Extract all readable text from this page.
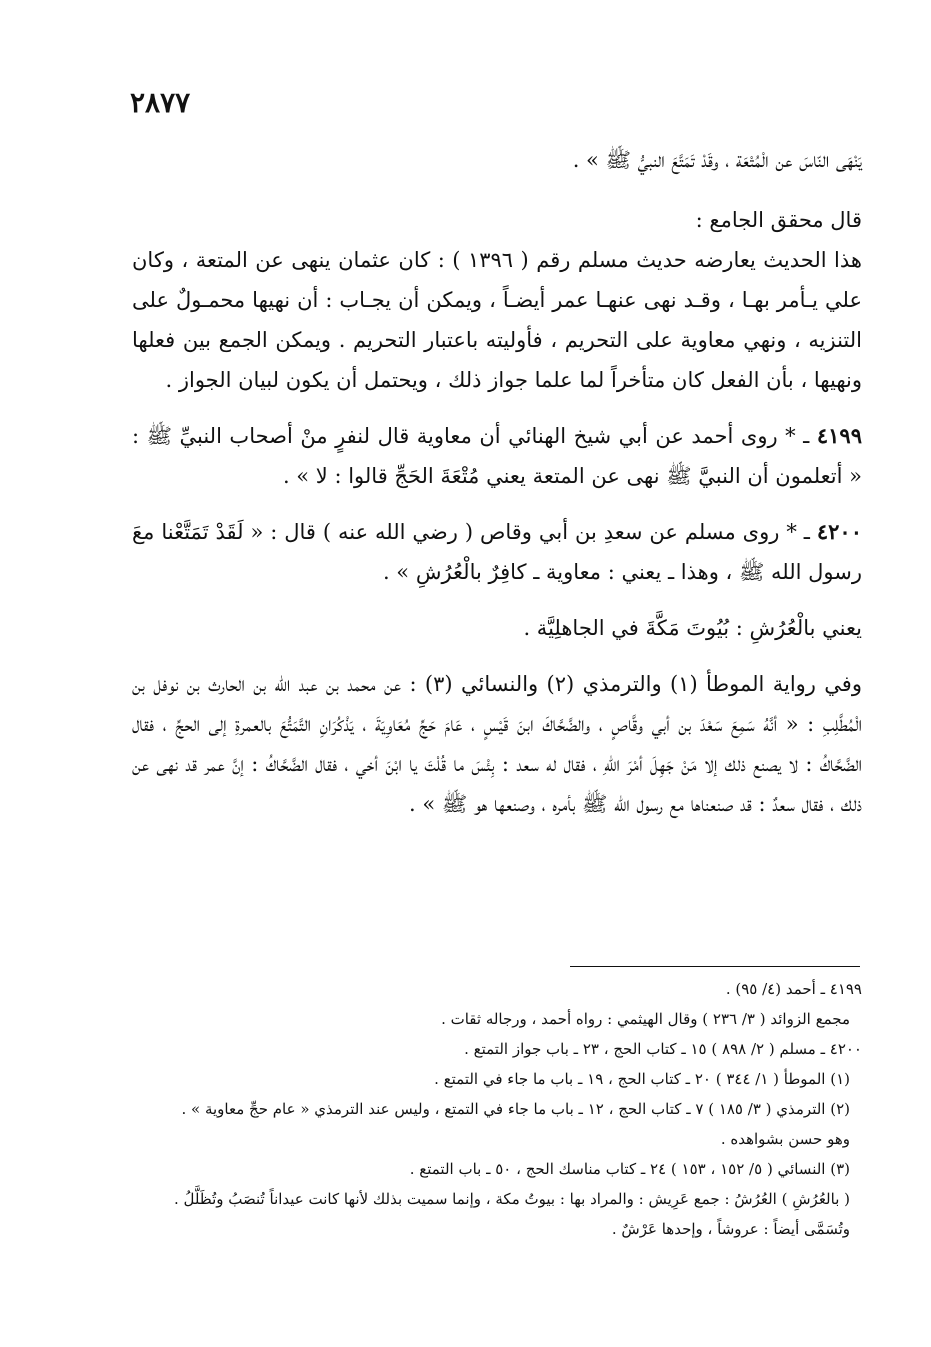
٢٨٧٧

يَنْهَى النّاسَ عن الْمُتْعَة ، وقَدْ تَمَتَّعَ النبيُّ ﷺ » .

قال محقق الجامع :

هذا الحديث يعارضه حديث مسلم رقم ( ١٣٩٦ ) : كان عثمان ينهى عن المتعة ، وكان علي يـأمر بهـا ، وقـد نهى عنهـا عمر أيضـاً ، ويمكن أن يجـاب : أن نهيها محمـولٌ على التنزيه ، ونهي معاوية على التحريم ، فأوليته باعتبار التحريم . ويمكن الجمع بين فعلها ونهيها ، بأن الفعل كان متأخراً لما علما جواز ذلك ، ويحتمل أن يكون لبيان الجواز .

٤١٩٩ ـ * روى أحمد عن أبي شيخ الهنائي أن معاوية قال لنفرٍ منْ أصحاب النبيِّ ﷺ : « أتعلمون أن النبيَّ ﷺ نهى عن المتعة يعني مُتْعَةَ الحَجِّ قالوا : لا » .

٤٢٠٠ ـ * روى مسلم عن سعدِ بن أبي وقاص ( رضي الله عنه ) قال : « لَقَدْ تَمَتَّعْنا معَ رسول الله ﷺ ، وهذا ـ يعني : معاوية ـ كافِرٌ بالْعُرُشِ » .

يعني بالْعُرُشِ : بُيُوتَ مَكَّةَ في الجاهلِيَّة .

وفي رواية الموطأ (١) والترمذي (٢) والنسائي (٣) : عن محمد بن عبد الله بن الحارث بن نوفل بن الْمُطَّلِبِ : « أنَّهُ سَمِعَ سَعْدَ بن أبي وقَّاصٍ ، والضَّحَّاكَ ابنَ قَيْسٍ ، عَامَ حَجِّ مُعَاوِيَةَ ، يَذْكُرَانِ التَّمَتُّعَ بالعمرةِ إلى الحجِّ ، فقال الضَّحَّاكُ : لا يصنع ذلك إلا مَنْ جَهِلَ أمْرَ اللهِ ، فقال له سعد : بِئْسَ ما قُلْتَ يا ابْنَ أخي ، فقال الضَّحَّاكُ : إنَّ عمر قد نهى عن ذلك ، فقال سعدٌ : قد صنعناها مع رسول الله ﷺ بأمره ، وصنعها هو ﷺ » .

٤١٩٩ ـ أحمد (٤/ ٩٥) .

مجمع الزوائد ( ٣/ ٢٣٦ ) وقال الهيثمي : رواه أحمد ، ورجاله ثقات .

٤٢٠٠ ـ مسلم ( ٢/ ٨٩٨ ) ١٥ ـ كتاب الحج ، ٢٣ ـ باب جواز التمتع .

(١) الموطأ ( ١/ ٣٤٤ ) ٢٠ ـ كتاب الحج ، ١٩ ـ باب ما جاء في التمتع .

(٢) الترمذي ( ٣/ ١٨٥ ) ٧ ـ كتاب الحج ، ١٢ ـ باب ما جاء في التمتع ، وليس عند الترمذي « عام حجِّ معاوية » . وهو حسن بشواهده .

(٣) النسائي ( ٥/ ١٥٢ ، ١٥٣ ) ٢٤ ـ كتاب مناسك الحج ، ٥٠ ـ باب التمتع .

( بالعُرُشِ ) العُرُشُ : جمع عَرِيش : والمراد بها : بيوتُ مكة ، وإنما سميت بذلك لأنها كانت عيداناً تُنصَبُ وتُظَلَّلُ . وتُسَمَّى أيضاً : عروشاً ، وإحدها عَرْشٌ .
